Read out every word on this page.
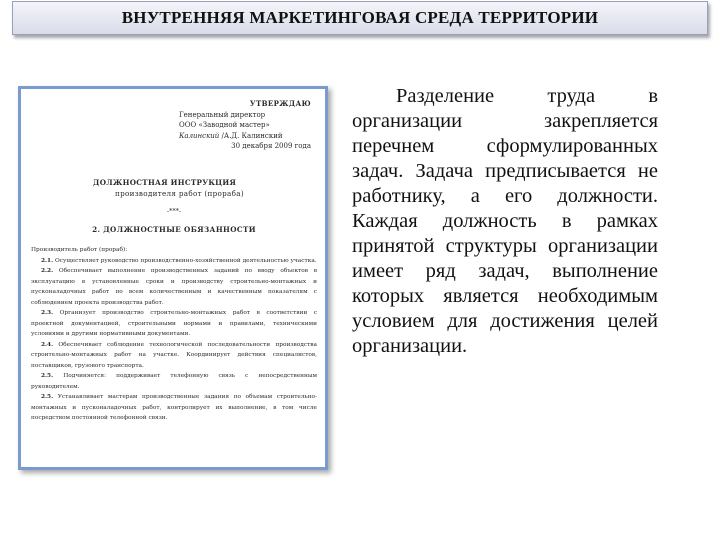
ВНУТРЕННЯЯ МАРКЕТИНГОВАЯ СРЕДА ТЕРРИТОРИИ
УТВЕРЖДАЮ
Генеральный директор
ООО «Заводной мастер»
Калинский /А.Д. Калинский
30 декабря 2009 года
ДОЛЖНОСТНАЯ ИНСТРУКЦИЯ
производителя работ (прораба)
-***-
2. ДОЛЖНОСТНЫЕ ОБЯЗАННОСТИ

Производитель работ (прораб):

2.1. Осуществляет руководство производственно-хозяйственной деятельностью участка.

2.2. Обеспечивает выполнение производственных заданий по вводу объектов в эксплуатацию в установленные сроки и производству строительно-монтажных и пусконаладочных работ по всем количественным и качественным показателям с соблюдением проекта производства работ.

2.3. Организует производство строительно-монтажных работ в соответствии с проектной документацией, строительными нормами и правилами, техническими условиями и другими нормативными документами.

2.4. Обеспечивает соблюдение технологической последовательности производства строительно-монтажных работ на участке. Координирует действия специалистов, поставщиков, грузового транспорта.

2.5. Подчиняется: поддерживает телефонную связь с непосредственным руководителем.

2.5. Устанавливает мастерам производственные задания по объемам строительно-монтажных и пусконаладочных работ, контролирует их выполнение, в том числе посредством постоянной телефонной связи.

Разделение труда в организации закрепляется перечнем сформулированных задач. Задача предписывается не работнику, а его должности. Каждая должность в рамках принятой структуры организации имеет ряд задач, выполнение которых является необходимым условием для достижения целей организации.
